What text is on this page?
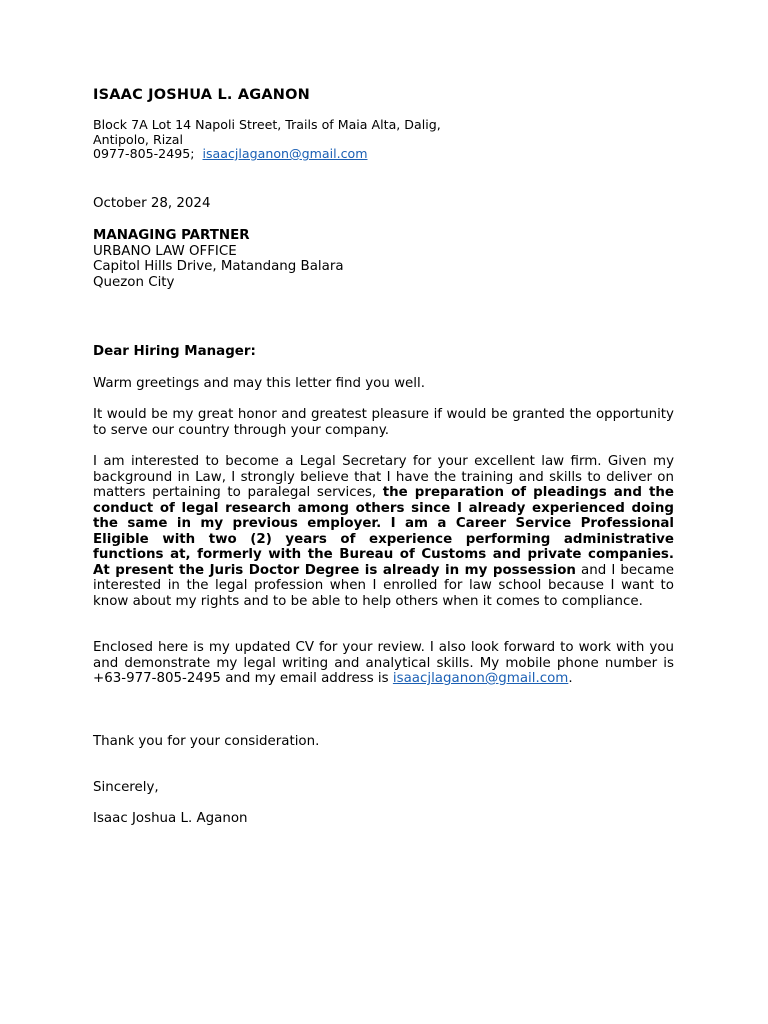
ISAAC JOSHUA L. AGANON
Block 7A Lot 14 Napoli Street, Trails of Maia Alta, Dalig,
Antipolo, Rizal
0977-805-2495; isaacjlaganon@gmail.com
October 28, 2024
MANAGING PARTNER
URBANO LAW OFFICE
Capitol Hills Drive, Matandang Balara
Quezon City
Dear Hiring Manager:

Warm greetings and may this letter find you well.

It would be my great honor and greatest pleasure if would be granted the opportunity to serve our country through your company.

I am interested to become a Legal Secretary for your excellent law firm. Given my background in Law, I strongly believe that I have the training and skills to deliver on matters pertaining to paralegal services, the preparation of pleadings and the conduct of legal research among others since I already experienced doing the same in my previous employer. I am a Career Service Professional Eligible with two (2) years of experience performing administrative functions at, formerly with the Bureau of Customs and private companies. At present the Juris Doctor Degree is already in my possession and I became interested in the legal profession when I enrolled for law school because I want to know about my rights and to be able to help others when it comes to compliance.

Enclosed here is my updated CV for your review. I also look forward to work with you and demonstrate my legal writing and analytical skills. My mobile phone number is +63-977-805-2495 and my email address is isaacjlaganon@gmail.com.

Thank you for your consideration.
Sincerely,
Isaac Joshua L. Aganon
